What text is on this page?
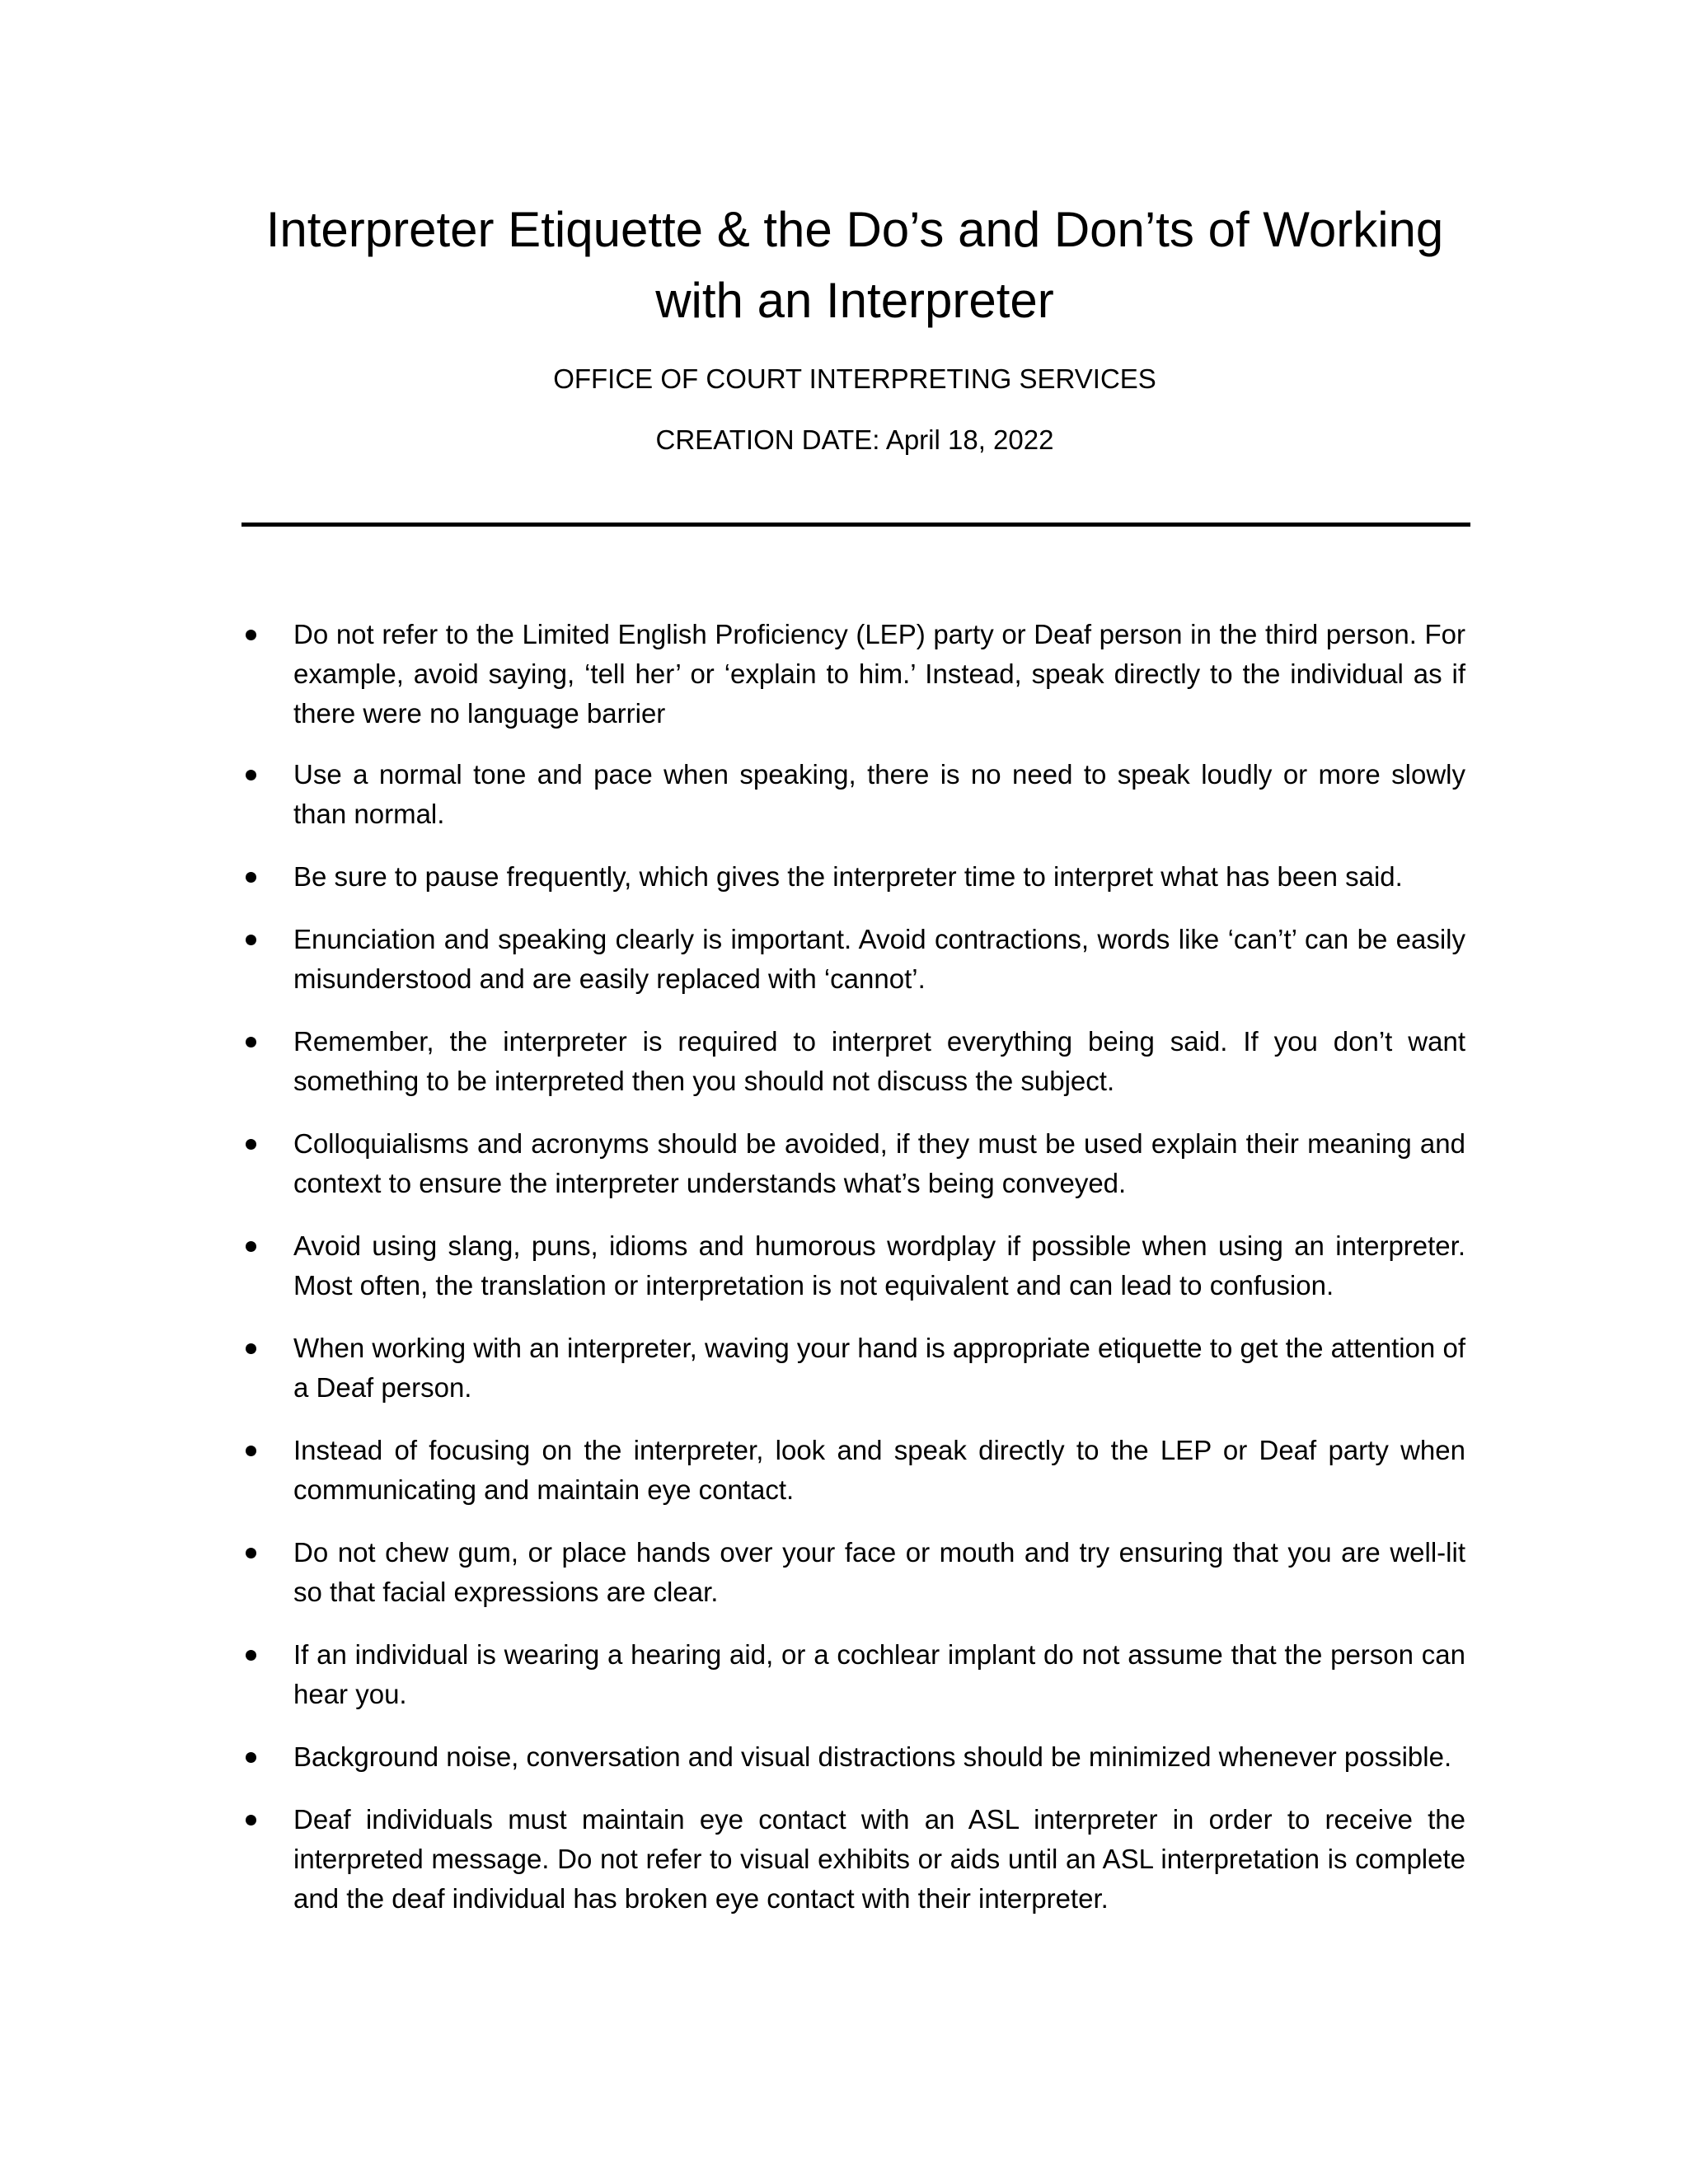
Interpreter Etiquette & the Do’s and Don’ts of Working
with an Interpreter

OFFICE OF COURT INTERPRETING SERVICES

CREATION DATE: April 18, 2022

Do not refer to the Limited English Proficiency (LEP) party or Deaf person in the third person. For example, avoid saying, ‘tell her’ or ‘explain to him.’ Instead, speak directly to the individual as if there were no language barrier
Use a normal tone and pace when speaking, there is no need to speak loudly or more slowly than normal.
Be sure to pause frequently, which gives the interpreter time to interpret what has been said.
Enunciation and speaking clearly is important. Avoid contractions, words like ‘can’t’ can be easily misunderstood and are easily replaced with ‘cannot’.
Remember, the interpreter is required to interpret everything being said. If you don’t want something to be interpreted then you should not discuss the subject.
Colloquialisms and acronyms should be avoided, if they must be used explain their meaning and context to ensure the interpreter understands what’s being conveyed.
Avoid using slang, puns, idioms and humorous wordplay if possible when using an interpreter. Most often, the translation or interpretation is not equivalent and can lead to confusion.
When working with an interpreter, waving your hand is appropriate etiquette to get the attention of a Deaf person.
Instead of focusing on the interpreter, look and speak directly to the LEP or Deaf party when communicating and maintain eye contact.
Do not chew gum, or place hands over your face or mouth and try ensuring that you are well-lit so that facial expressions are clear.
If an individual is wearing a hearing aid, or a cochlear implant do not assume that the person can hear you.
Background noise, conversation and visual distractions should be minimized whenever possible.
Deaf individuals must maintain eye contact with an ASL interpreter in order to receive the interpreted message. Do not refer to visual exhibits or aids until an ASL interpretation is complete and the deaf individual has broken eye contact with their interpreter.
